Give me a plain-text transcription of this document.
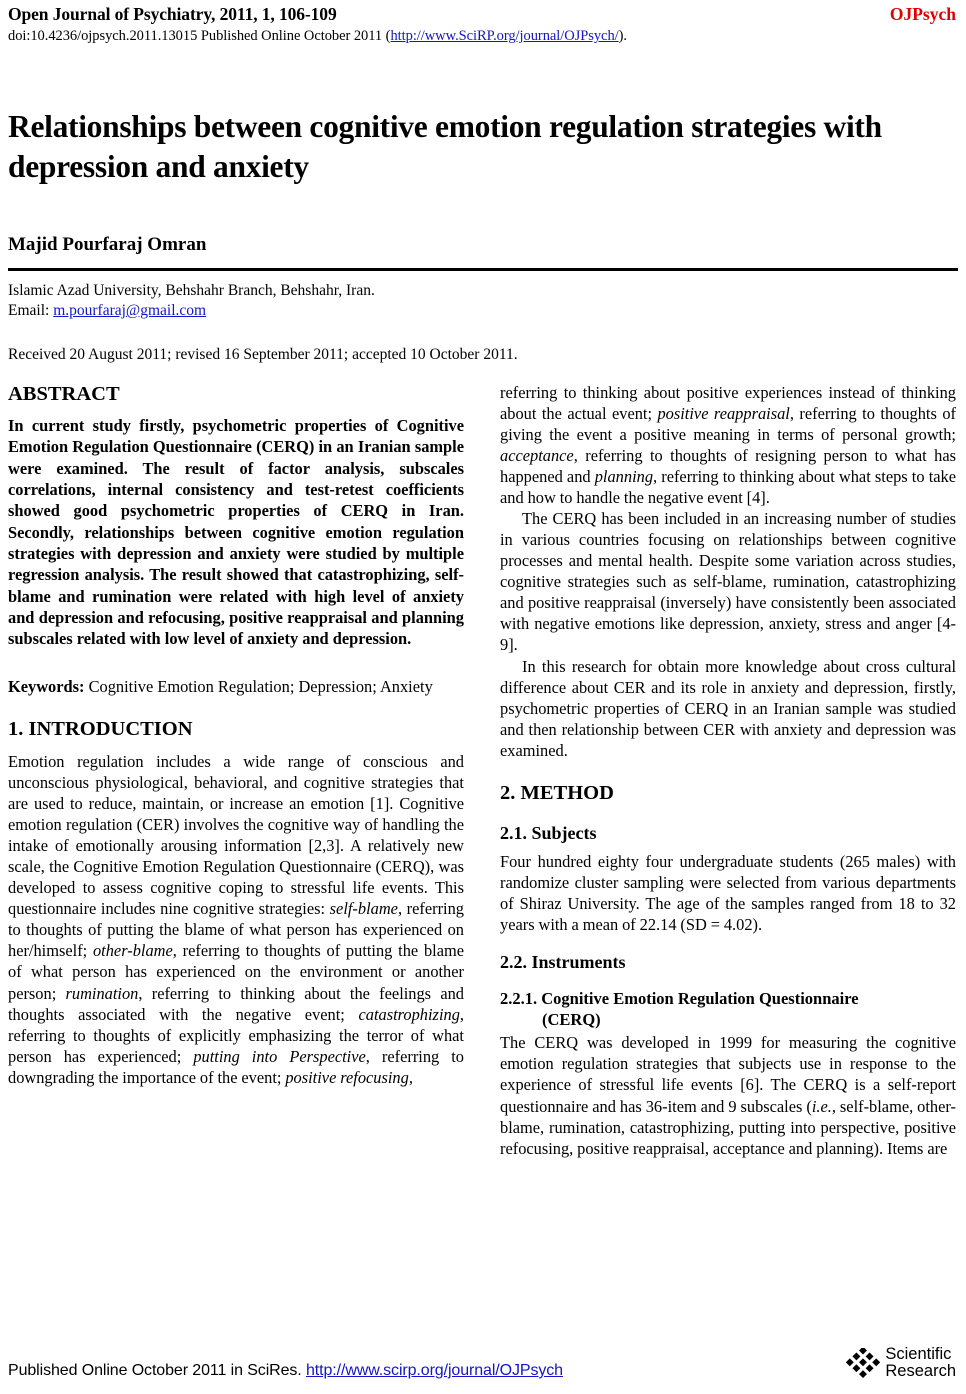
Open Journal of Psychiatry, 2011, 1, 106-109	OJPsych
doi:10.4236/ojpsych.2011.13015 Published Online October 2011 (http://www.SciRP.org/journal/OJPsych/).
Relationships between cognitive emotion regulation strategies with depression and anxiety
Majid Pourfaraj Omran
Islamic Azad University, Behshahr Branch, Behshahr, Iran.
Email: m.pourfaraj@gmail.com
Received 20 August 2011; revised 16 September 2011; accepted 10 October 2011.
ABSTRACT

In current study firstly, psychometric properties of Cognitive Emotion Regulation Questionnaire (CERQ) in an Iranian sample were examined. The result of factor analysis, subscales correlations, internal consistency and test-retest coefficients showed good psychometric properties of CERQ in Iran. Secondly, relationships between cognitive emotion regulation strategies with depression and anxiety were studied by multiple regression analysis. The result showed that catastrophizing, self-blame and rumination were related with high level of anxiety and depression and refocusing, positive reappraisal and planning subscales related with low level of anxiety and depression.

Keywords: Cognitive Emotion Regulation; Depression; Anxiety

1. INTRODUCTION

Emotion regulation includes a wide range of conscious and unconscious physiological, behavioral, and cognitive strategies that are used to reduce, maintain, or increase an emotion [1]. Cognitive emotion regulation (CER) involves the cognitive way of handling the intake of emotionally arousing information [2,3]. A relatively new scale, the Cognitive Emotion Regulation Questionnaire (CERQ), was developed to assess cognitive coping to stressful life events. This questionnaire includes nine cognitive strategies: self-blame, referring to thoughts of putting the blame of what person has experienced on her/himself; other-blame, referring to thoughts of putting the blame of what person has experienced on the environment or another person; rumination, referring to thinking about the feelings and thoughts associated with the negative event; catastrophizing, referring to thoughts of explicitly emphasizing the terror of what person has experienced; putting into Perspective, referring to downgrading the importance of the event; positive refocusing,

referring to thinking about positive experiences instead of thinking about the actual event; positive reappraisal, referring to thoughts of giving the event a positive meaning in terms of personal growth; acceptance, referring to thoughts of resigning person to what has happened and planning, referring to thinking about what steps to take and how to handle the negative event [4].

The CERQ has been included in an increasing number of studies in various countries focusing on relationships between cognitive processes and mental health. Despite some variation across studies, cognitive strategies such as self-blame, rumination, catastrophizing and positive reappraisal (inversely) have consistently been associated with negative emotions like depression, anxiety, stress and anger [4-9].

In this research for obtain more knowledge about cross cultural difference about CER and its role in anxiety and depression, firstly, psychometric properties of CERQ in an Iranian sample was studied and then relationship between CER with anxiety and depression was examined.

2. METHOD
2.1. Subjects

Four hundred eighty four undergraduate students (265 males) with randomize cluster sampling were selected from various departments of Shiraz University. The age of the samples ranged from 18 to 32 years with a mean of 22.14 (SD = 4.02).

2.2. Instruments
2.2.1. Cognitive Emotion Regulation Questionnaire
(CERQ)

The CERQ was developed in 1999 for measuring the cognitive emotion regulation strategies that subjects use in response to the experience of stressful life events [6]. The CERQ is a self-report questionnaire and has 36-item and 9 subscales (i.e., self-blame, other-blame, rumination, catastrophizing, putting into perspective, positive refocusing, positive reappraisal, acceptance and planning). Items are

Published Online October 2011 in SciRes. http://www.scirp.org/journal/OJPsych
Scientific
Research
